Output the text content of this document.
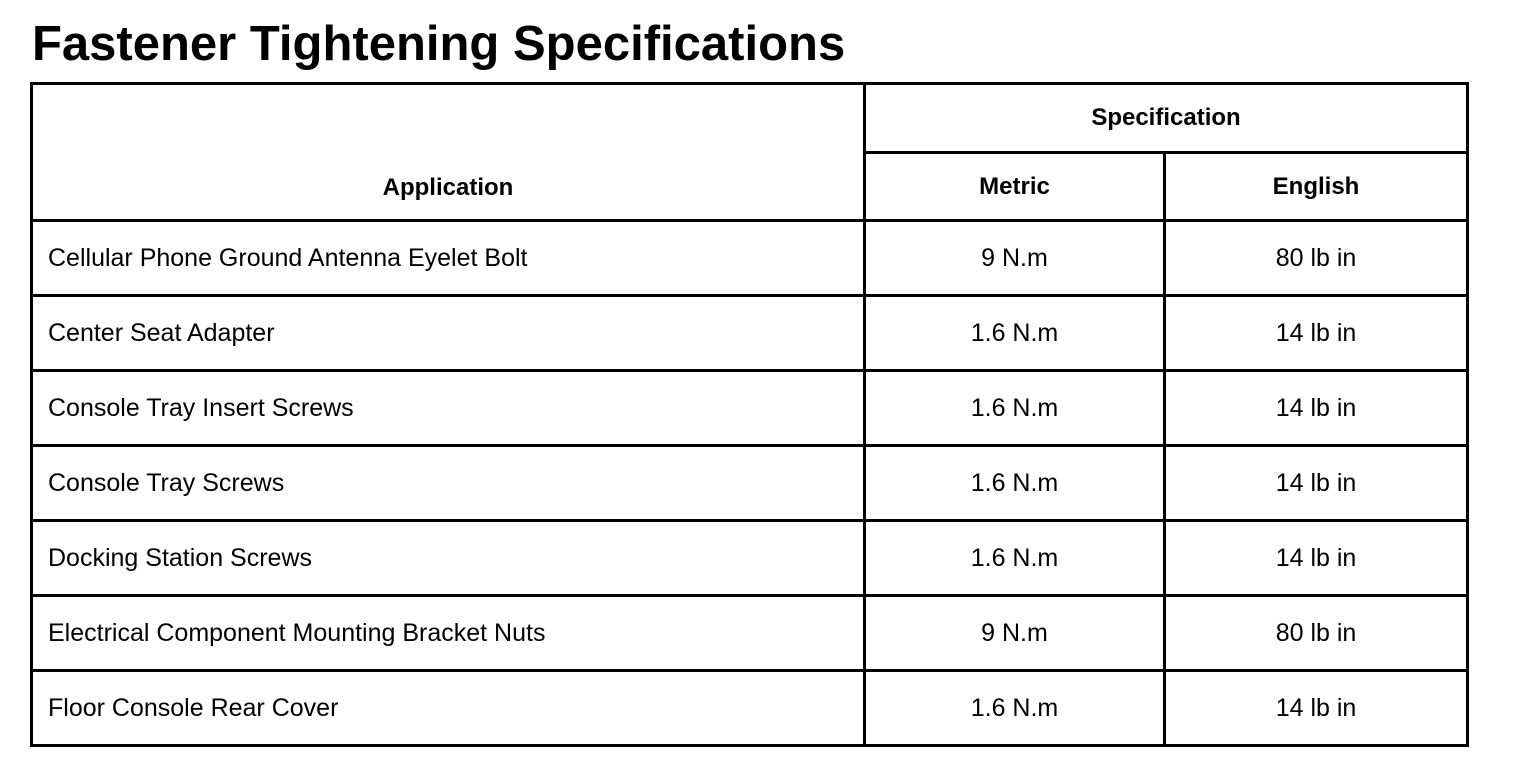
Fastener Tightening Specifications
Application	Specification	
	Metric	English
Cellular Phone Ground Antenna Eyelet Bolt	9 N.m	80 lb in
Center Seat Adapter	1.6 N.m	14 lb in
Console Tray Insert Screws	1.6 N.m	14 lb in
Console Tray Screws	1.6 N.m	14 lb in
Docking Station Screws	1.6 N.m	14 lb in
Electrical Component Mounting Bracket Nuts	9 N.m	80 lb in
Floor Console Rear Cover	1.6 N.m	14 lb in
